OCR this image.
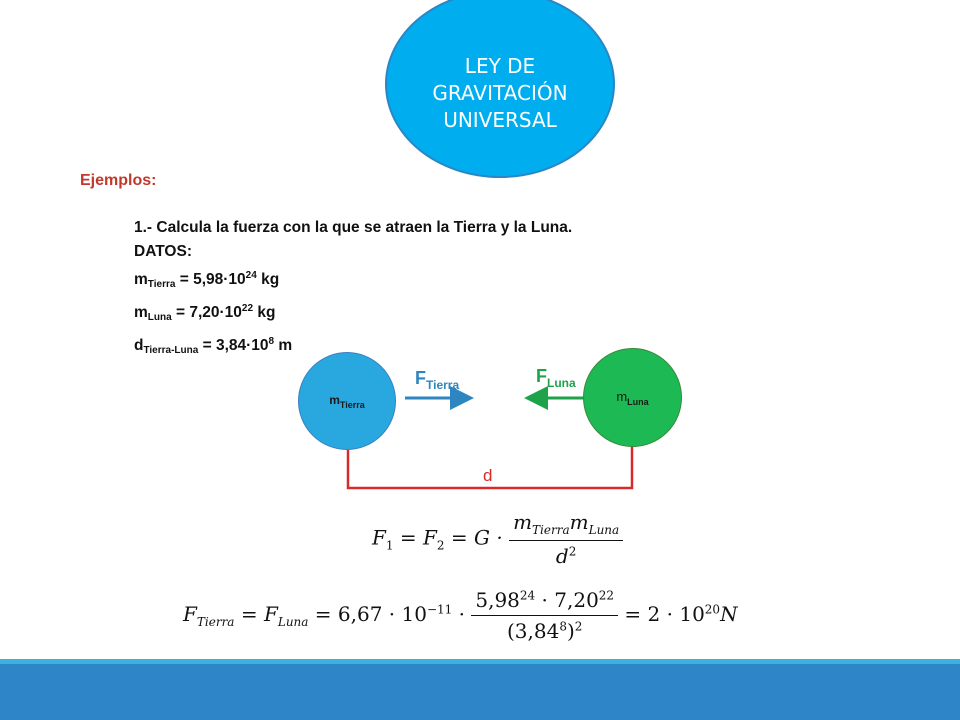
LEY DE
GRAVITACIÓN
UNIVERSAL
Ejemplos:
1.- Calcula la fuerza con la que se atraen la Tierra y la Luna.
DATOS:
$m_{Tierra} = 5,98\cdot 10^{24}$ kg
$m_{Luna} = 7,20\cdot 10^{22}$ kg
$d_{Tierra-Luna} = 3,84\cdot 10^8$ m
$m_{Tierra}$
$m_{Luna}$
$F_{Tierra}$	$F_{Luna}$
d
$F_1 = F_2 = G \cdot \frac{m_{Tierra}m_{Luna}}{d^2}$
$F_{Tierra} = F_{Luna} = 6,67 \cdot 10^{-11} \cdot \frac{5,98^{24} \cdot 7,20^{22}}{(3,84^8)^2} = 2 \cdot 10^{20}N$
